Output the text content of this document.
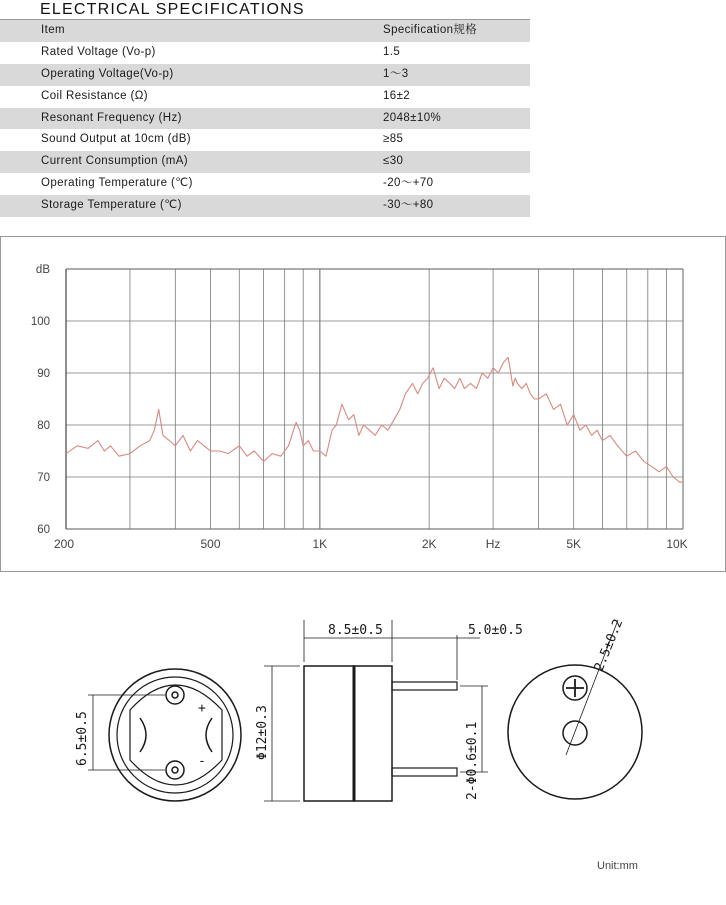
ELECTRICAL SPECIFICATIONS
Item	Specification规格
Rated Voltage (Vo-p)	1.5
Operating Voltage(Vo-p)	1～3
Coil Resistance (Ω)	16±2
Resonant Frequency (Hz)	2048±10%
Sound Output at 10cm (dB)	≥85
Current Consumption (mA)	≤30
Operating Temperature (℃)	-20～+70
Storage Temperature (℃)	-30～+80
60
70
80
90
100
dB
200	500	1K	2K	Hz	5K	10K
+
-
6.5±0.5
8.5±0.5	5.0±0.5
Φ12±0.3	2-Φ0.6±0.1
2.5±0.2
Unit:mm
